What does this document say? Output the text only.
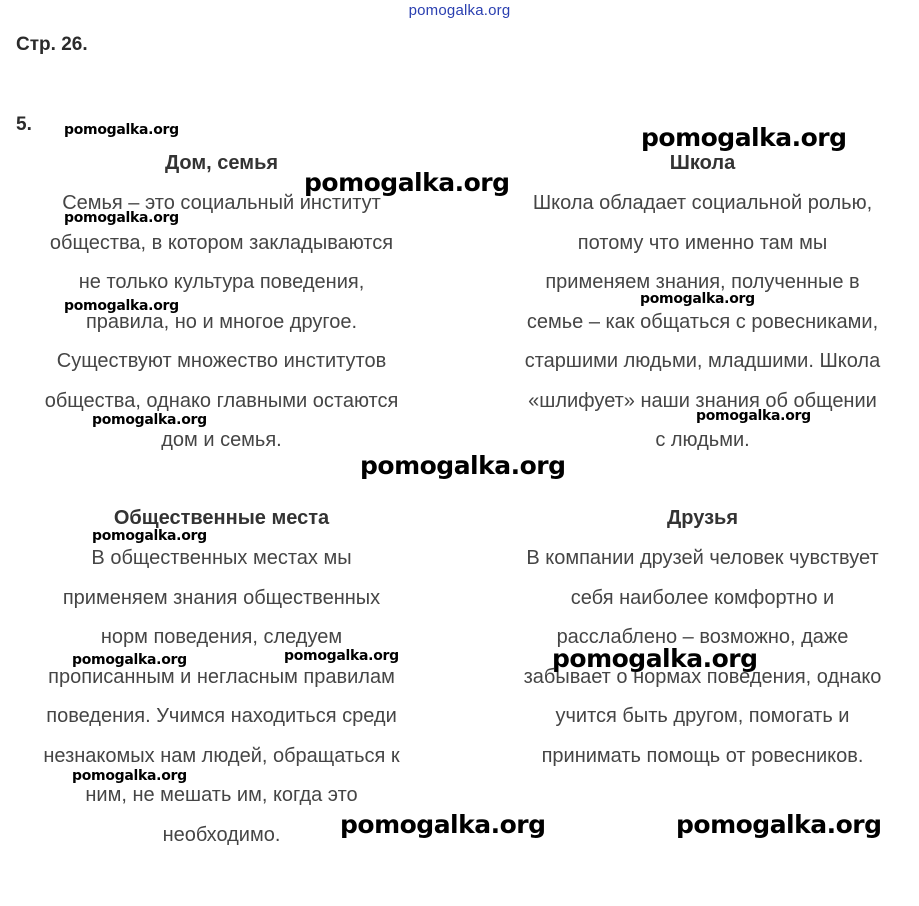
pomogalka.org
Стр. 26.
5.
Дом, семья
Семья – это социальный институт
общества, в котором закладываются
не только культура поведения,
правила, но и многое другое.
Существуют множество институтов
общества, однако главными остаются
дом и семья.
Школа
Школа обладает социальной ролью,
потому что именно там мы
применяем знания, полученные в
семье – как общаться с ровесниками,
старшими людьми, младшими. Школа
«шлифует» наши знания об общении
с людьми.
Общественные места
В общественных местах мы
применяем знания общественных
норм поведения, следуем
прописанным и негласным правилам
поведения. Учимся находиться среди
незнакомых нам людей, обращаться к
ним, не мешать им, когда это
необходимо.
Друзья
В компании друзей человек чувствует
себя наиболее комфортно и
расслаблено – возможно, даже
забывает о нормах поведения, однако
учится быть другом, помогать и
принимать помощь от ровесников.
pomogalka.org	pomogalka.org
pomogalka.org
pomogalka.org
pomogalka.org
pomogalka.org
pomogalka.org
pomogalka.org
pomogalka.org
pomogalka.org
pomogalka.org
pomogalka.org
pomogalka.org
pomogalka.org
pomogalka.org	pomogalka.org
